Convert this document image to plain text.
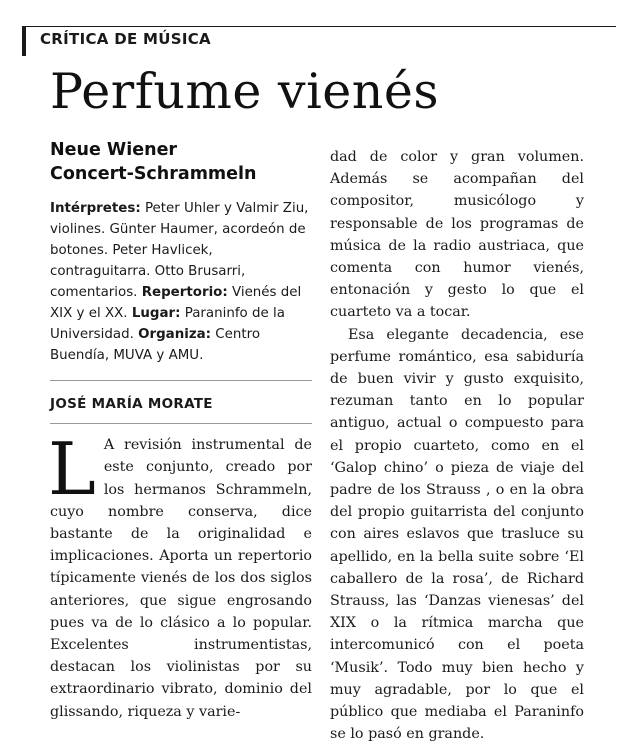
CRÍTICA DE MÚSICA
Perfume vienés
Neue Wiener
Concert-Schrammeln

Intérpretes: Peter Uhler y Valmir Ziu, violines. Günter Haumer, acordeón de botones. Peter Havlicek, contraguitarra. Otto Brusarri, comentarios. Repertorio: Vienés del XIX y el XX. Lugar: Paraninfo de la Universidad. Organiza: Centro Buendía, MUVA y AMU.

JOSÉ MARÍA MORATE
L A revisión instrumental de este conjunto, creado por los hermanos Schrammeln, cuyo nombre conserva, dice bastante de la originalidad e implicaciones. Aporta un repertorio típicamente vienés de los dos siglos anteriores, que sigue engrosando pues va de lo clásico a lo popular. Excelentes instrumentistas, destacan los violinistas por su extraordinario vibrato, dominio del glissando, riqueza y varie-

dad de color y gran volumen. Además se acompañan del compositor, musicólogo y responsable de los programas de música de la radio austriaca, que comenta con humor vienés, entonación y gesto lo que el cuarteto va a tocar.

Esa elegante decadencia, ese perfume romántico, esa sabiduría de buen vivir y gusto exquisito, rezuman tanto en lo popular antiguo, actual o compuesto para el propio cuarteto, como en el ‘Galop chino’ o pieza de viaje del padre de los Strauss , o en la obra del propio guitarrista del conjunto con aires eslavos que trasluce su apellido, en la bella suite sobre ‘El caballero de la rosa’, de Richard Strauss, las ‘Danzas vienesas’ del XIX o la rítmica marcha que intercomunicó con el poeta ‘Musik’. Todo muy bien hecho y muy agradable, por lo que el público que mediaba el Paraninfo se lo pasó en grande.
